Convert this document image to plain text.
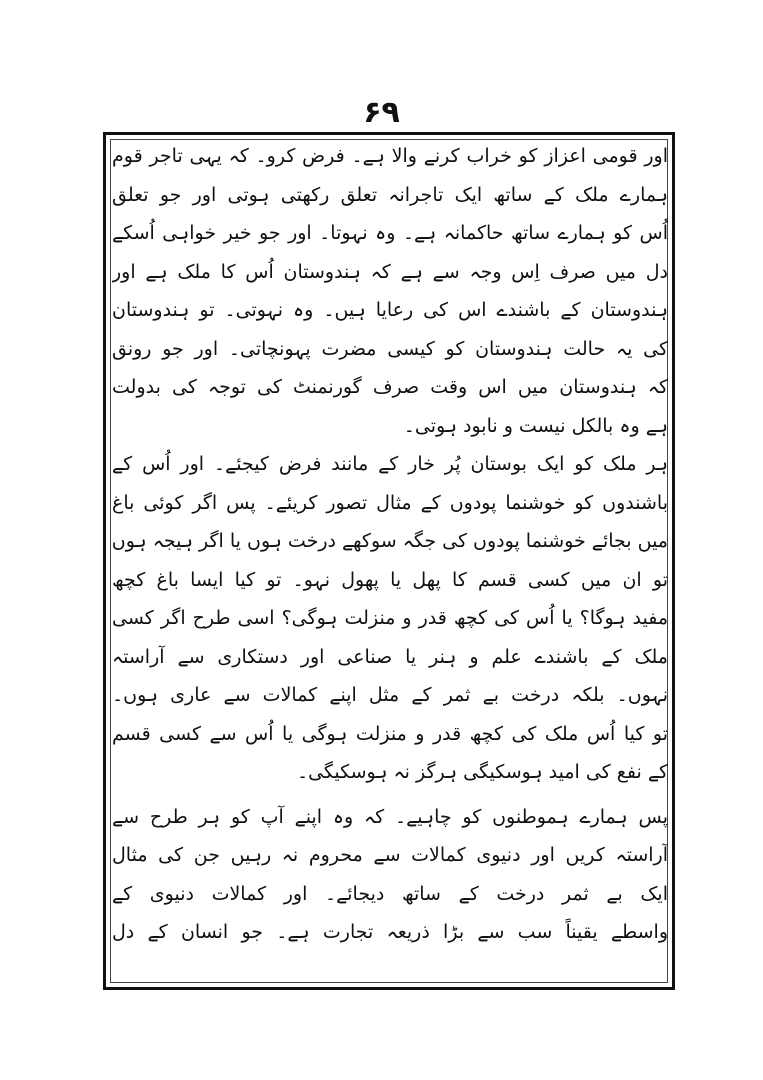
۶۹
اور قومی اعزاز کو خراب کرنے والا ہے۔ فرض کرو۔ کہ یہی تاجر قوم
ہمارے ملک کے ساتھ ایک تاجرانہ تعلق رکھتی ہوتی اور جو تعلق
اُس کو ہمارے ساتھ حاکمانہ ہے۔ وہ نہوتا۔ اور جو خیر خواہی اُسکے
دل میں صرف اِس وجہ سے ہے کہ ہندوستان اُس کا ملک ہے اور
ہندوستان کے باشندے اس کی رعایا ہیں۔ وہ نہوتی۔ تو ہندوستان
کی یہ حالت ہندوستان کو کیسی مضرت پہونچاتی۔ اور جو رونق
کہ ہندوستان میں اس وقت صرف گورنمنٹ کی توجہ کی بدولت
ہے وہ بالکل نیست و نابود ہوتی۔
ہر ملک کو ایک بوستان پُر خار کے مانند فرض کیجئے۔ اور اُس کے
باشندوں کو خوشنما پودوں کے مثال تصور کریئے۔ پس اگر کوئی باغ
میں بجائے خوشنما پودوں کی جگہ سوکھے درخت ہوں یا اگر ہیجہ ہوں
تو ان میں کسی قسم کا پھل یا پھول نہو۔ تو کیا ایسا باغ کچھ
مفید ہوگا؟ یا اُس کی کچھ قدر و منزلت ہوگی؟ اسی طرح اگر کسی
ملک کے باشندے علم و ہنر یا صناعی اور دستکاری سے آراستہ
نہوں۔ بلکہ درخت بے ثمر کے مثل اپنے کمالات سے عاری ہوں۔
تو کیا اُس ملک کی کچھ قدر و منزلت ہوگی یا اُس سے کسی قسم
کے نفع کی امید ہوسکیگی ہرگز نہ ہوسکیگی۔
پس ہمارے ہموطنوں کو چاہیے۔ کہ وہ اپنے آپ کو ہر طرح سے
آراستہ کریں اور دنیوی کمالات سے محروم نہ رہیں جن کی مثال
ایک بے ثمر درخت کے ساتھ دیجائے۔ اور کمالات دنیوی کے
واسطے یقیناً سب سے بڑا ذریعہ تجارت ہے۔ جو انسان کے دل
